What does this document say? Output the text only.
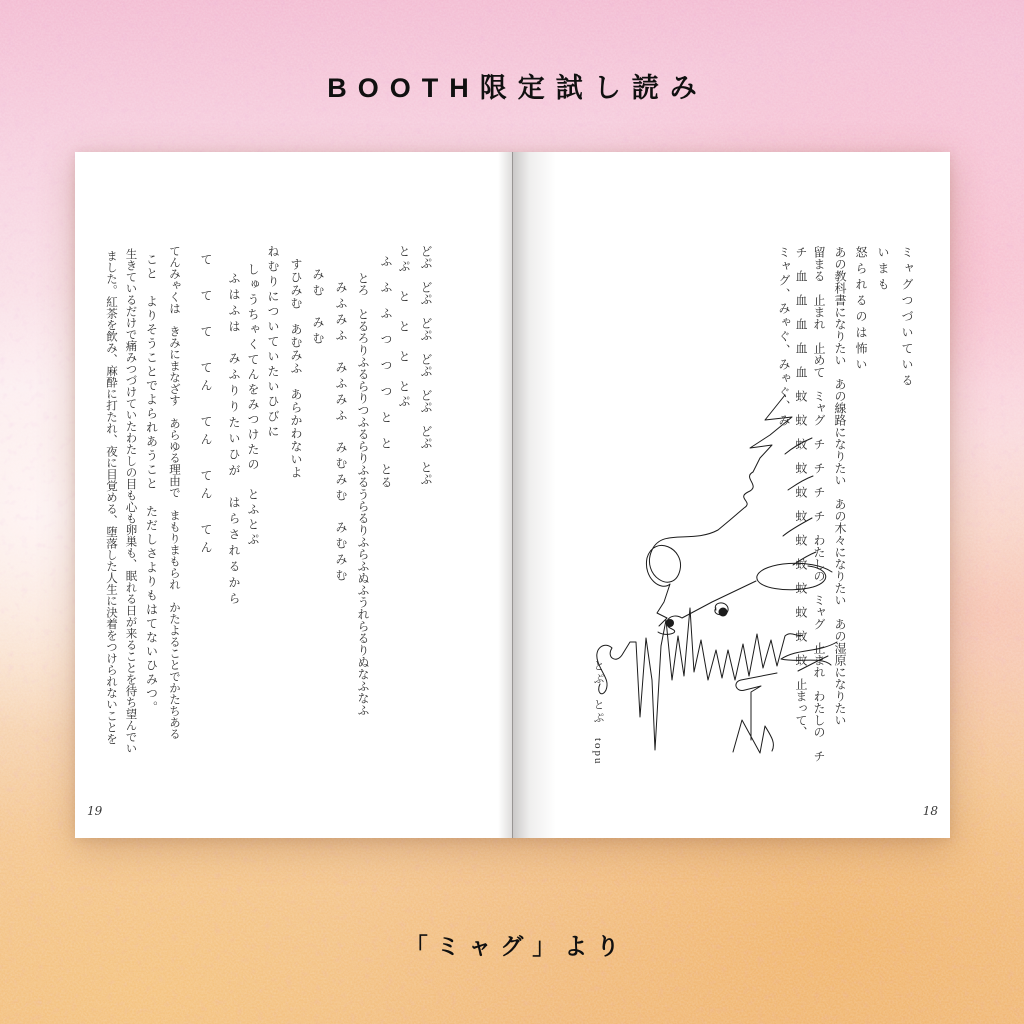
BOOTH限定試し読み
どぷ　どぷ　どぷ　どぷ　どぷ　どぷ　とぷ
とぷ　と　と　と　とぷ
ふ　ふ　ふ　つ　つ　つ　と　と　とる
とろ　とるろりふるらりつふるらりふるうらるりふらふぬふうれらるりぬなふなふ
みふみふ　みふみふ　みむみむ　みむみむ
みむ　みむ
すひみむ　あむみふ　あらかわないよ
ねむりについていたいひびに
しゅうちゃくてんをみつけたの　とふとぷ
ふはふは　みふりりたいひが　はらされるから
て　て　て　てん　てん　てん　てん
てんみゃくは　きみにまなざす　あらゆる理由で　まもりまもられ　かたよることでかたちある
こと　よりそうことでよられあうこと　ただしさよりもはてないひみつ。
生きているだけで痛みつづけていたわたしの目も心も卵巣も、眠れる日が来ることを待ち望んでい
ました。紅茶を飲み、麻酔に打たれ、夜に目覚める、堕落した人生に決着をつけられないことを
19
ミャグつづいている
いまも
怒られるのは怖い
あの教科書になりたい　あの線路になりたい　あの木々になりたい　あの湿原になりたい
留まる　止まれ　止めて　ミャグ　チ　チ　チ　チ　わたしの　ミャグ　止まれ　わたしの　チ
チ　血　血　血　血　血　蚊　蚊　蚊　蚊　蚊　蚊　蚊　蚊　蚊　蚊　蚊　蚊　止まって、
ミャグ、みゃぐ、みゃぐ、み
とぷ　とぷ　topu
18
「ミャグ」より
